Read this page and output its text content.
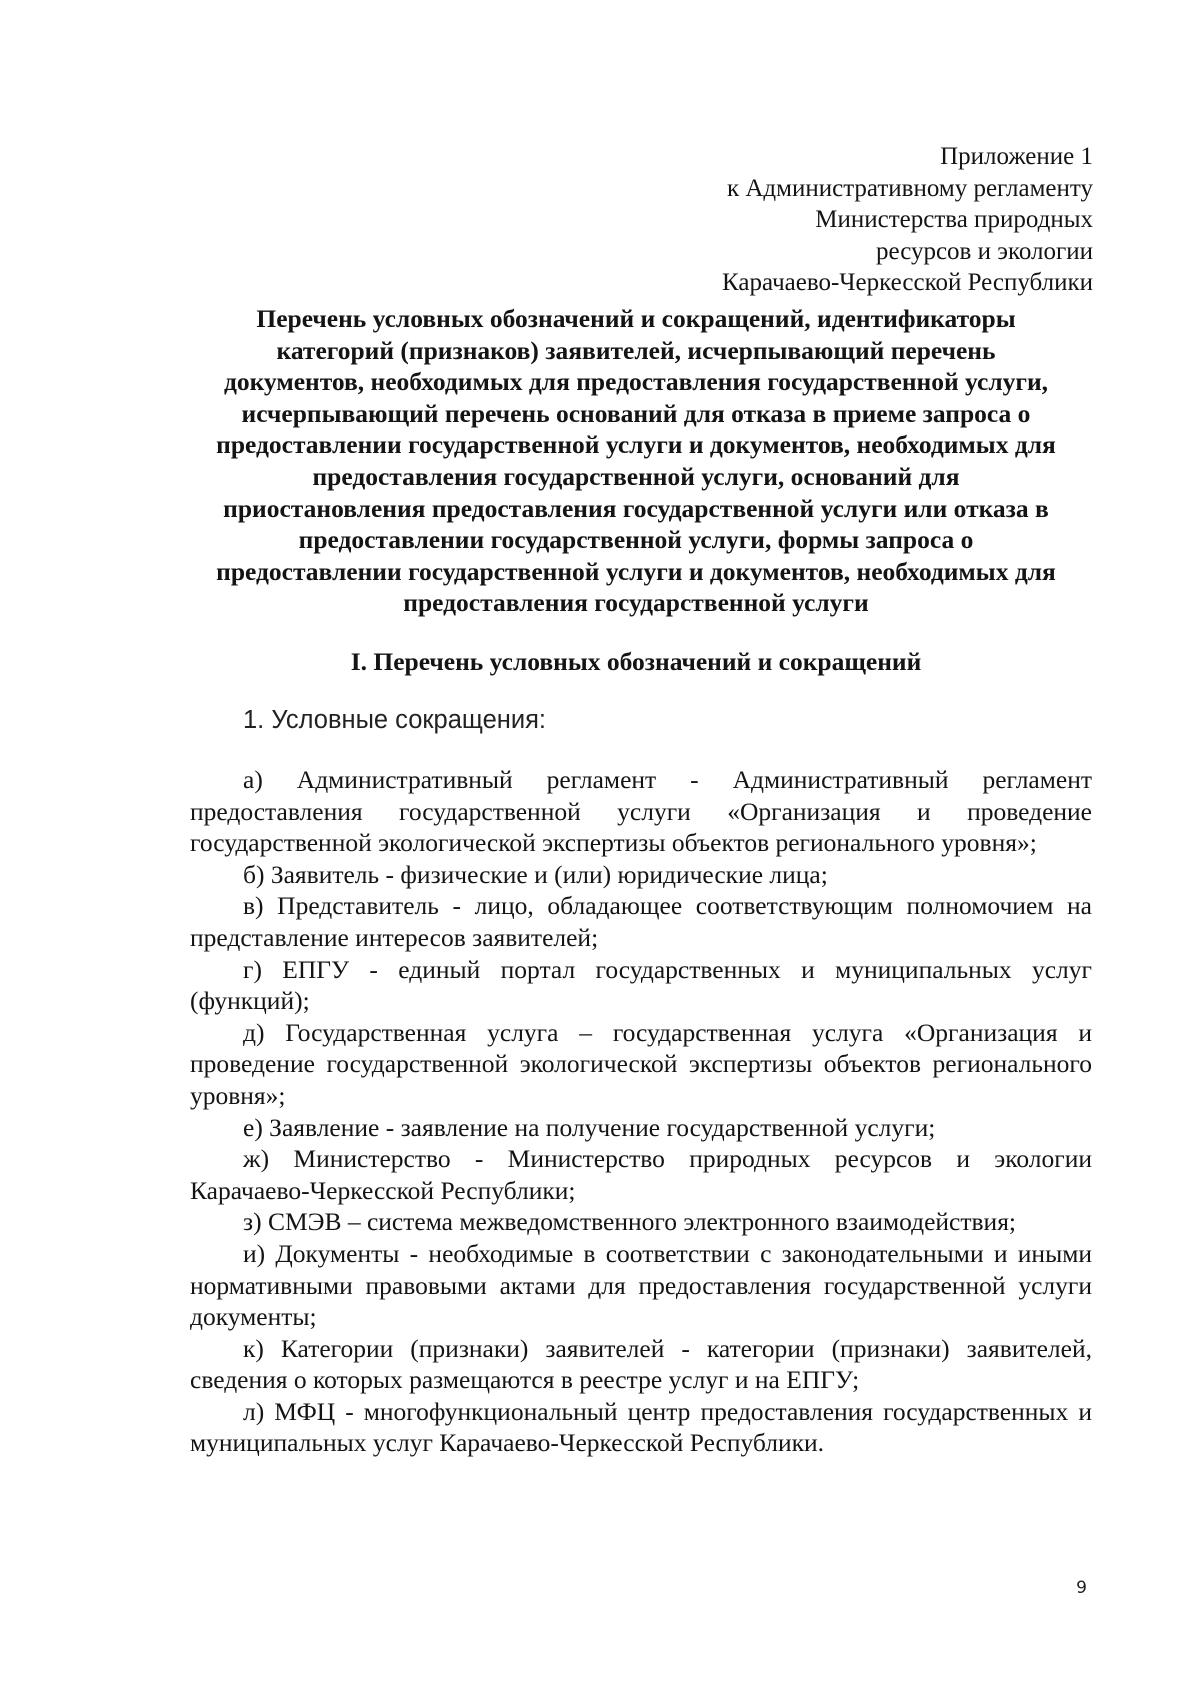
Приложение 1
к Административному регламенту
Министерства природных
ресурсов и экологии
Карачаево-Черкесской Республики
Перечень условных обозначений и сокращений, идентификаторы
категорий (признаков) заявителей, исчерпывающий перечень
документов, необходимых для предоставления государственной услуги,
исчерпывающий перечень оснований для отказа в приеме запроса о
предоставлении государственной услуги и документов, необходимых для
предоставления государственной услуги, оснований для
приостановления предоставления государственной услуги или отказа в
предоставлении государственной услуги, формы запроса о
предоставлении государственной услуги и документов, необходимых для
предоставления государственной услуги
I. Перечень условных обозначений и сокращений
1. Условные сокращения:

а) Административный регламент - Административный регламент предоставления государственной услуги «Организация и проведение государственной экологической экспертизы объектов регионального уровня»;

б) Заявитель - физические и (или) юридические лица;

в) Представитель - лицо, обладающее соответствующим полномочием на представление интересов заявителей;

г) ЕПГУ - единый портал государственных и муниципальных услуг (функций);

д) Государственная услуга – государственная услуга «Организация и проведение государственной экологической экспертизы объектов регионального уровня»;

е) Заявление - заявление на получение государственной услуги;

ж) Министерство - Министерство природных ресурсов и экологии Карачаево-Черкесской Республики;

з) СМЭВ – система межведомственного электронного взаимодействия;

и) Документы - необходимые в соответствии с законодательными и иными нормативными правовыми актами для предоставления государственной услуги документы;

к) Категории (признаки) заявителей - категории (признаки) заявителей, сведения о которых размещаются в реестре услуг и на ЕПГУ;

л) МФЦ - многофункциональный центр предоставления государственных и муниципальных услуг Карачаево-Черкесской Республики.

9
